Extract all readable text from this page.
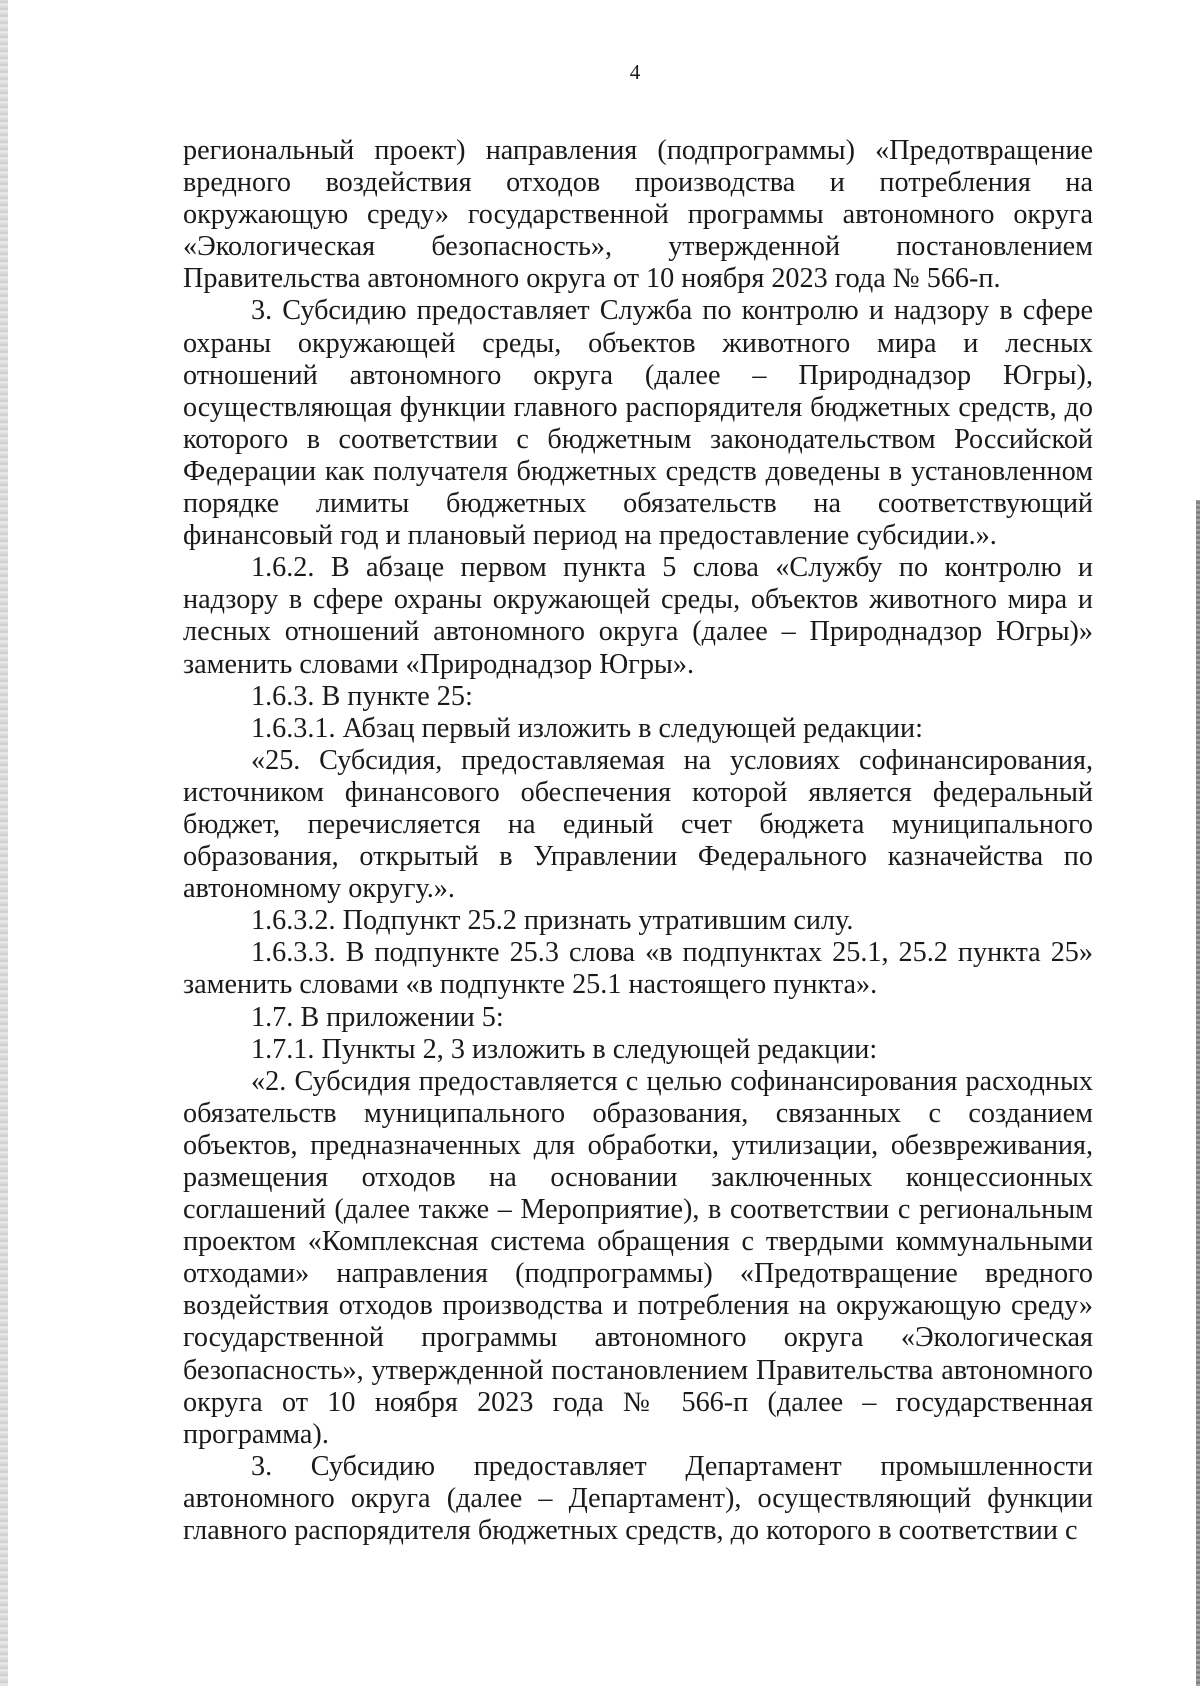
4

региональный проект) направления (подпрограммы) «Предотвращение вредного воздействия отходов производства и потребления на окружающую среду» государственной программы автономного округа «Экологическая безопасность», утвержденной постановлением Правительства автономного округа от 10 ноября 2023 года № 566-п.

3. Субсидию предоставляет Служба по контролю и надзору в сфере охраны окружающей среды, объектов животного мира и лесных отношений автономного округа (далее – Природнадзор Югры), осуществляющая функции главного распорядителя бюджетных средств, до которого в соответствии с бюджетным законодательством Российской Федерации как получателя бюджетных средств доведены в установленном порядке лимиты бюджетных обязательств на соответствующий финансовый год и плановый период на предоставление субсидии.».

1.6.2. В абзаце первом пункта 5 слова «Службу по контролю и надзору в сфере охраны окружающей среды, объектов животного мира и лесных отношений автономного округа (далее – Природнадзор Югры)» заменить словами «Природнадзор Югры».

1.6.3. В пункте 25:

1.6.3.1. Абзац первый изложить в следующей редакции:

«25. Субсидия, предоставляемая на условиях софинансирования, источником финансового обеспечения которой является федеральный бюджет, перечисляется на единый счет бюджета муниципального образования, открытый в Управлении Федерального казначейства по автономному округу.».

1.6.3.2. Подпункт 25.2 признать утратившим силу.

1.6.3.3. В подпункте 25.3 слова «в подпунктах 25.1, 25.2 пункта 25» заменить словами «в подпункте 25.1 настоящего пункта».

1.7. В приложении 5:

1.7.1. Пункты 2, 3 изложить в следующей редакции:

«2. Субсидия предоставляется с целью софинансирования расходных обязательств муниципального образования, связанных с созданием объектов, предназначенных для обработки, утилизации, обезвреживания, размещения отходов на основании заключенных концессионных соглашений (далее также – Мероприятие), в соответствии с региональным проектом «Комплексная система обращения с твердыми коммунальными отходами» направления (подпрограммы) «Предотвращение вредного воздействия отходов производства и потребления на окружающую среду» государственной программы автономного округа «Экологическая безопасность», утвержденной постановлением Правительства автономного округа от 10 ноября 2023 года № 566-п (далее – государственная программа).

3. Субсидию предоставляет Департамент промышленности автономного округа (далее – Департамент), осуществляющий функции главного распорядителя бюджетных средств, до которого в соответствии с
